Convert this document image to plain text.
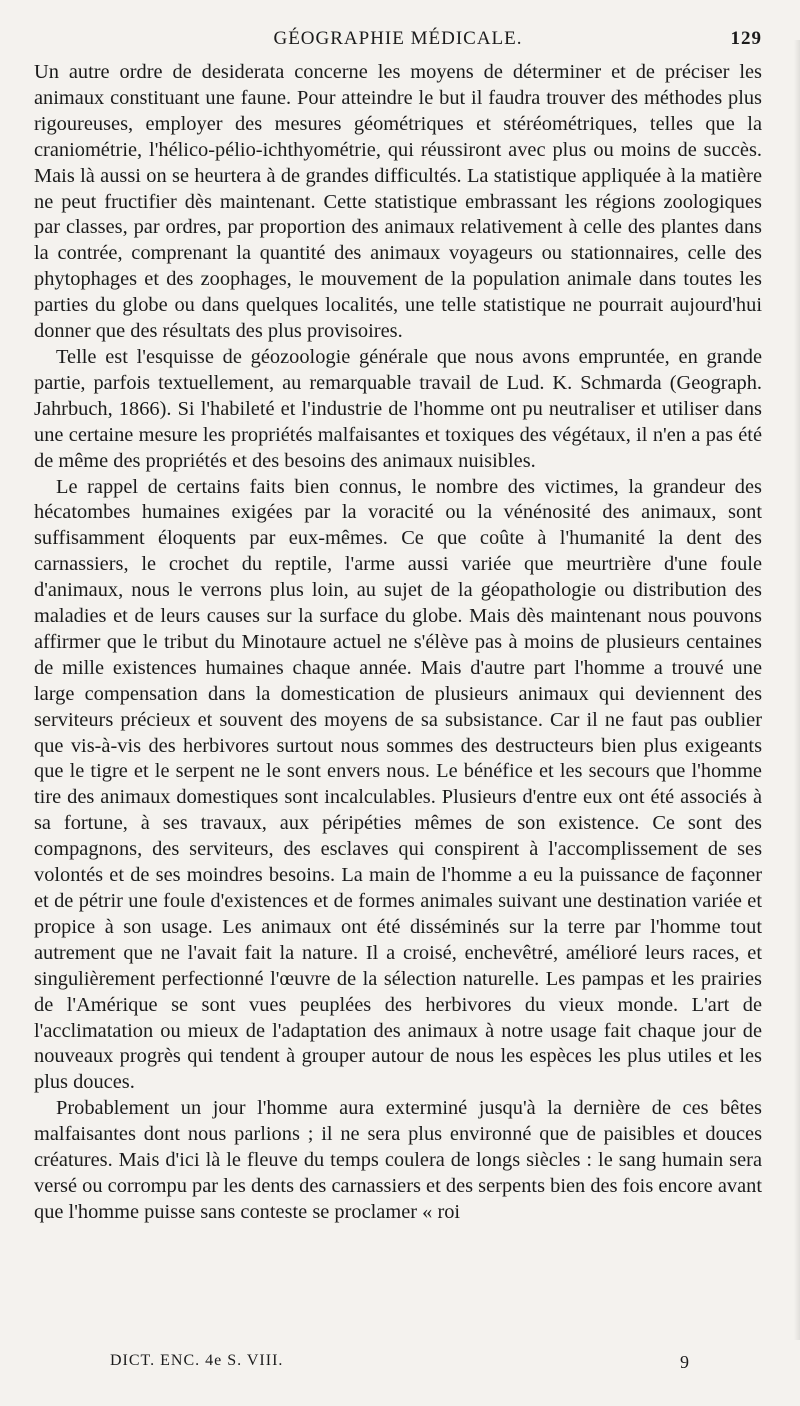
GÉOGRAPHIE MÉDICALE.	129

Un autre ordre de desiderata concerne les moyens de déterminer et de préciser les animaux constituant une faune. Pour atteindre le but il faudra trouver des méthodes plus rigoureuses, employer des mesures géométriques et stéréométriques, telles que la craniométrie, l'hélico-pélio-ichthyométrie, qui réussiront avec plus ou moins de succès. Mais là aussi on se heurtera à de grandes difficultés. La statistique appliquée à la matière ne peut fructifier dès maintenant. Cette statistique embrassant les régions zoologiques par classes, par ordres, par proportion des animaux relativement à celle des plantes dans la contrée, comprenant la quantité des animaux voyageurs ou stationnaires, celle des phytophages et des zoophages, le mouvement de la population animale dans toutes les parties du globe ou dans quelques localités, une telle statistique ne pourrait aujourd'hui donner que des résultats des plus provisoires.

Telle est l'esquisse de géozoologie générale que nous avons empruntée, en grande partie, parfois textuellement, au remarquable travail de Lud. K. Schmarda (Geograph. Jahrbuch, 1866). Si l'habileté et l'industrie de l'homme ont pu neutraliser et utiliser dans une certaine mesure les propriétés malfaisantes et toxiques des végétaux, il n'en a pas été de même des propriétés et des besoins des animaux nuisibles.

Le rappel de certains faits bien connus, le nombre des victimes, la grandeur des hécatombes humaines exigées par la voracité ou la vénénosité des animaux, sont suffisamment éloquents par eux-mêmes. Ce que coûte à l'humanité la dent des carnassiers, le crochet du reptile, l'arme aussi variée que meurtrière d'une foule d'animaux, nous le verrons plus loin, au sujet de la géopathologie ou distribution des maladies et de leurs causes sur la surface du globe. Mais dès maintenant nous pouvons affirmer que le tribut du Minotaure actuel ne s'élève pas à moins de plusieurs centaines de mille existences humaines chaque année. Mais d'autre part l'homme a trouvé une large compensation dans la domestication de plusieurs animaux qui deviennent des serviteurs précieux et souvent des moyens de sa subsistance. Car il ne faut pas oublier que vis-à-vis des herbivores surtout nous sommes des destructeurs bien plus exigeants que le tigre et le serpent ne le sont envers nous. Le bénéfice et les secours que l'homme tire des animaux domestiques sont incalculables. Plusieurs d'entre eux ont été associés à sa fortune, à ses travaux, aux péripéties mêmes de son existence. Ce sont des compagnons, des serviteurs, des esclaves qui conspirent à l'accomplissement de ses volontés et de ses moindres besoins. La main de l'homme a eu la puissance de façonner et de pétrir une foule d'existences et de formes animales suivant une destination variée et propice à son usage. Les animaux ont été disséminés sur la terre par l'homme tout autrement que ne l'avait fait la nature. Il a croisé, enchevêtré, amélioré leurs races, et singulièrement perfectionné l'œuvre de la sélection naturelle. Les pampas et les prairies de l'Amérique se sont vues peuplées des herbivores du vieux monde. L'art de l'acclimatation ou mieux de l'adaptation des animaux à notre usage fait chaque jour de nouveaux progrès qui tendent à grouper autour de nous les espèces les plus utiles et les plus douces.

Probablement un jour l'homme aura exterminé jusqu'à la dernière de ces bêtes malfaisantes dont nous parlions ; il ne sera plus environné que de paisibles et douces créatures. Mais d'ici là le fleuve du temps coulera de longs siècles : le sang humain sera versé ou corrompu par les dents des carnassiers et des serpents bien des fois encore avant que l'homme puisse sans conteste se proclamer « roi

DICT. ENC. 4e S. VIII.	9
